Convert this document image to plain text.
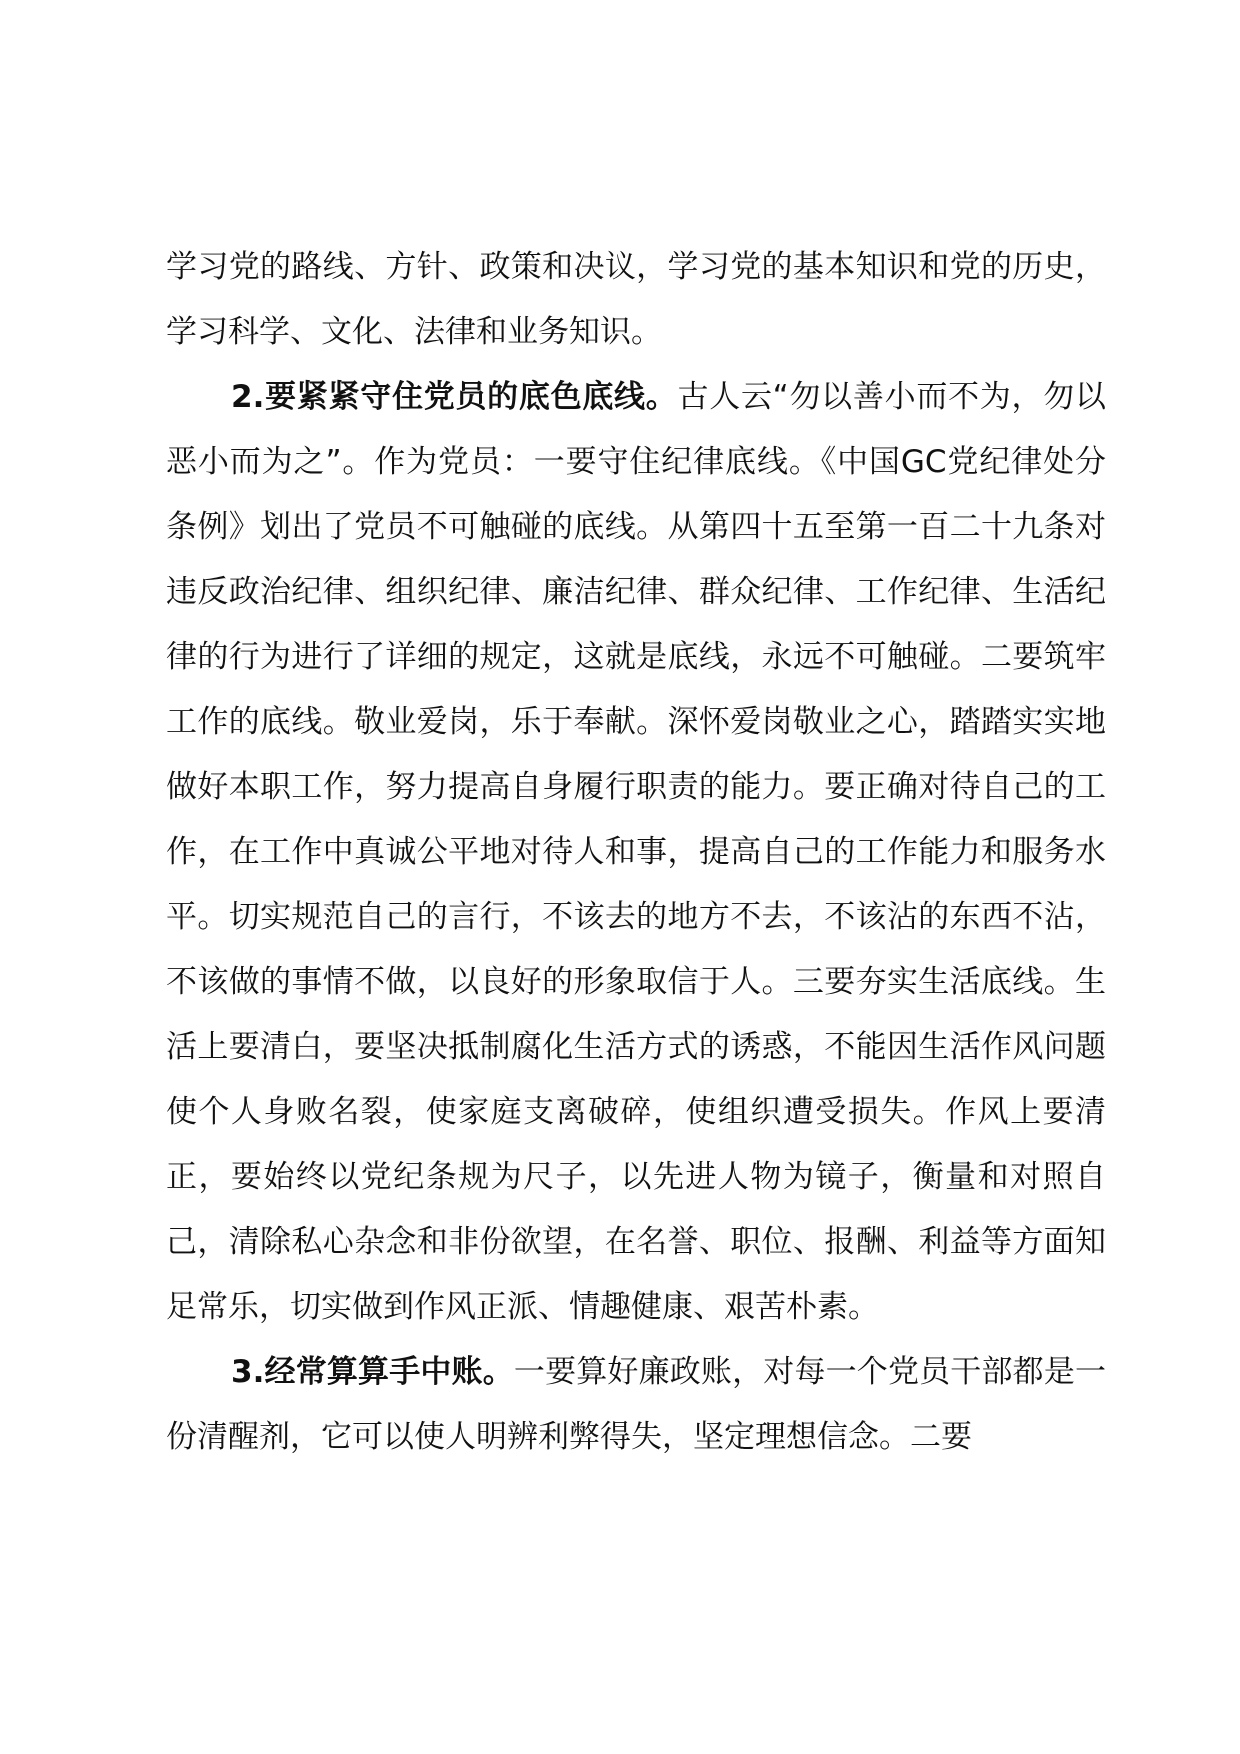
学习党的路线、方针、政策和决议，学习党的基本知识和党的历史，学习科学、文化、法律和业务知识。

2.要紧紧守住党员的底色底线。古人云“勿以善小而不为，勿以恶小而为之”。作为党员：一要守住纪律底线。《中国GC党纪律处分条例》划出了党员不可触碰的底线。从第四十五至第一百二十九条对违反政治纪律、组织纪律、廉洁纪律、群众纪律、工作纪律、生活纪律的行为进行了详细的规定，这就是底线，永远不可触碰。二要筑牢工作的底线。敬业爱岗，乐于奉献。深怀爱岗敬业之心，踏踏实实地做好本职工作，努力提高自身履行职责的能力。要正确对待自己的工作，在工作中真诚公平地对待人和事，提高自己的工作能力和服务水平。切实规范自己的言行，不该去的地方不去，不该沾的东西不沾，不该做的事情不做，以良好的形象取信于人。三要夯实生活底线。生活上要清白，要坚决抵制腐化生活方式的诱惑，不能因生活作风问题使个人身败名裂，使家庭支离破碎，使组织遭受损失。作风上要清正，要始终以党纪条规为尺子，以先进人物为镜子，衡量和对照自己，清除私心杂念和非份欲望，在名誉、职位、报酬、利益等方面知足常乐，切实做到作风正派、情趣健康、艰苦朴素。

3.经常算算手中账。一要算好廉政账，对每一个党员干部都是一份清醒剂，它可以使人明辨利弊得失，坚定理想信念。二要
